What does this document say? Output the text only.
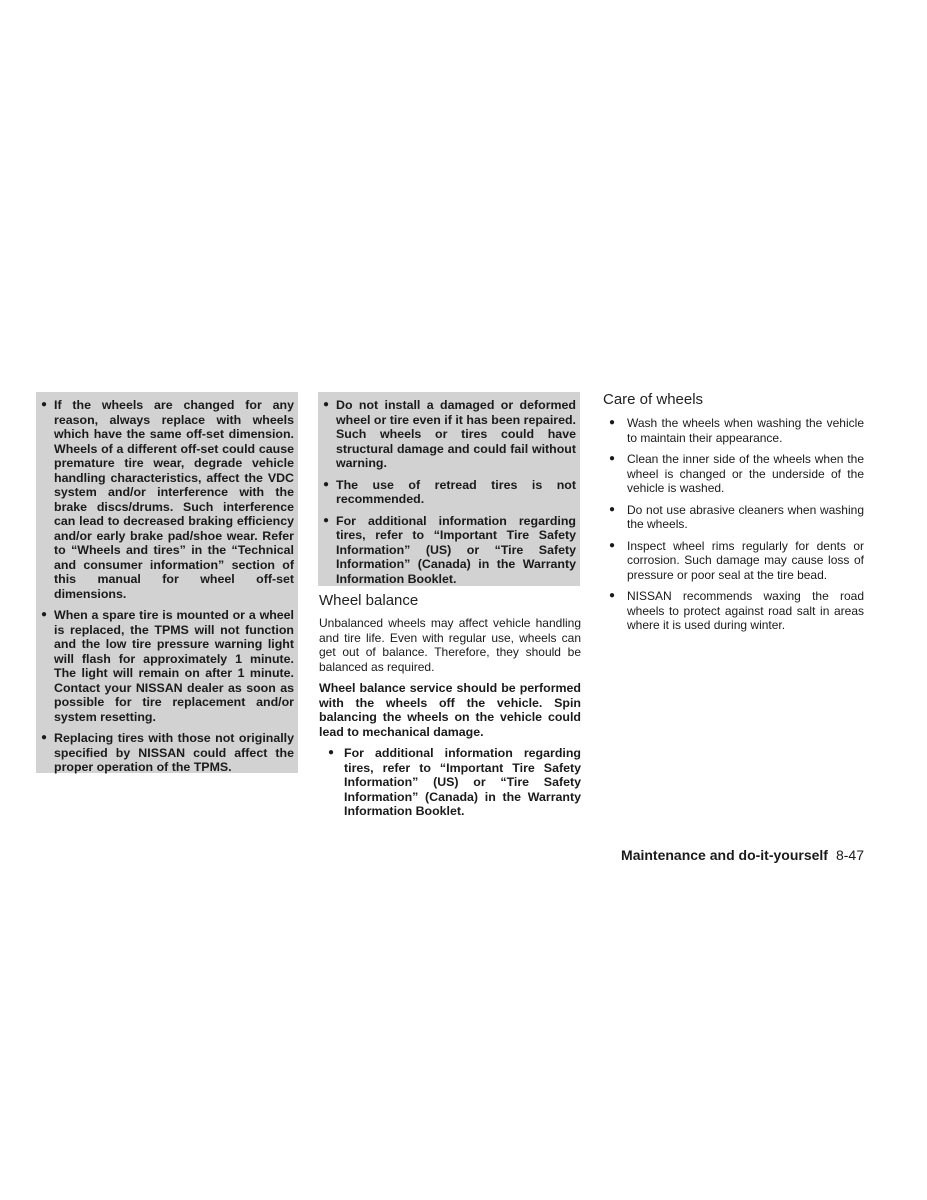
● If the wheels are changed for any reason, always replace with wheels which have the same off-set dimension. Wheels of a different off-set could cause premature tire wear, degrade vehicle handling characteristics, affect the VDC system and/or interference with the brake discs/drums. Such interference can lead to decreased braking efficiency and/or early brake pad/shoe wear. Refer to “Wheels and tires” in the “Technical and consumer information” section of this manual for wheel off-set dimensions.
● When a spare tire is mounted or a wheel is replaced, the TPMS will not function and the low tire pressure warning light will flash for approximately 1 minute. The light will remain on after 1 minute. Contact your NISSAN dealer as soon as possible for tire replacement and/or system resetting.
● Replacing tires with those not originally specified by NISSAN could affect the proper operation of the TPMS.
● Do not install a damaged or deformed wheel or tire even if it has been repaired. Such wheels or tires could have structural damage and could fail without warning.
● The use of retread tires is not recommended.
● For additional information regarding tires, refer to “Important Tire Safety Information” (US) or “Tire Safety Information” (Canada) in the Warranty Information Booklet.
Wheel balance

Unbalanced wheels may affect vehicle handling and tire life. Even with regular use, wheels can get out of balance. Therefore, they should be balanced as required.

Wheel balance service should be performed with the wheels off the vehicle. Spin balancing the wheels on the vehicle could lead to mechanical damage.

● For additional information regarding tires, refer to “Important Tire Safety Information” (US) or “Tire Safety Information” (Canada) in the Warranty Information Booklet.
Care of wheels
● Wash the wheels when washing the vehicle to maintain their appearance.
● Clean the inner side of the wheels when the wheel is changed or the underside of the vehicle is washed.
● Do not use abrasive cleaners when washing the wheels.
● Inspect wheel rims regularly for dents or corrosion. Such damage may cause loss of pressure or poor seal at the tire bead.
● NISSAN recommends waxing the road wheels to protect against road salt in areas where it is used during winter.
Maintenance and do-it-yourself 8-47
